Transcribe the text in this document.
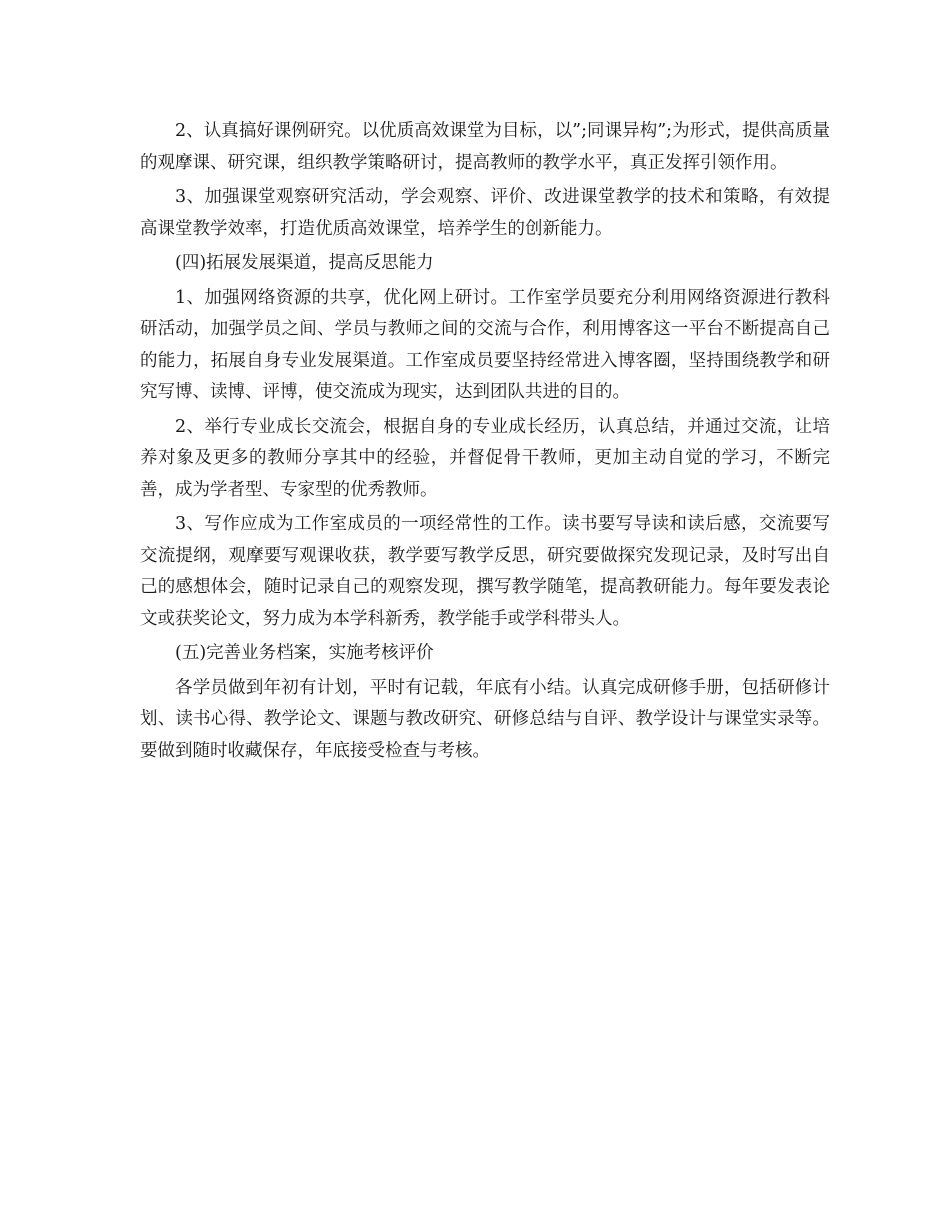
2、认真搞好课例研究。以优质高效课堂为目标，以”;同课异构”;为形式，提供高质量的观摩课、研究课，组织教学策略研讨，提高教师的教学水平，真正发挥引领作用。

3、加强课堂观察研究活动，学会观察、评价、改进课堂教学的技术和策略，有效提高课堂教学效率，打造优质高效课堂，培养学生的创新能力。

(四)拓展发展渠道，提高反思能力

1、加强网络资源的共享，优化网上研讨。工作室学员要充分利用网络资源进行教科研活动，加强学员之间、学员与教师之间的交流与合作，利用博客这一平台不断提高自己的能力，拓展自身专业发展渠道。工作室成员要坚持经常进入博客圈，坚持围绕教学和研究写博、读博、评博，使交流成为现实，达到团队共进的目的。

2、举行专业成长交流会，根据自身的专业成长经历，认真总结，并通过交流，让培养对象及更多的教师分享其中的经验，并督促骨干教师，更加主动自觉的学习，不断完善，成为学者型、专家型的优秀教师。

3、写作应成为工作室成员的一项经常性的工作。读书要写导读和读后感，交流要写交流提纲，观摩要写观课收获，教学要写教学反思，研究要做探究发现记录，及时写出自己的感想体会，随时记录自己的观察发现，撰写教学随笔，提高教研能力。每年要发表论文或获奖论文，努力成为本学科新秀，教学能手或学科带头人。

(五)完善业务档案，实施考核评价

各学员做到年初有计划，平时有记载，年底有小结。认真完成研修手册，包括研修计划、读书心得、教学论文、课题与教改研究、研修总结与自评、教学设计与课堂实录等。要做到随时收藏保存，年底接受检查与考核。
